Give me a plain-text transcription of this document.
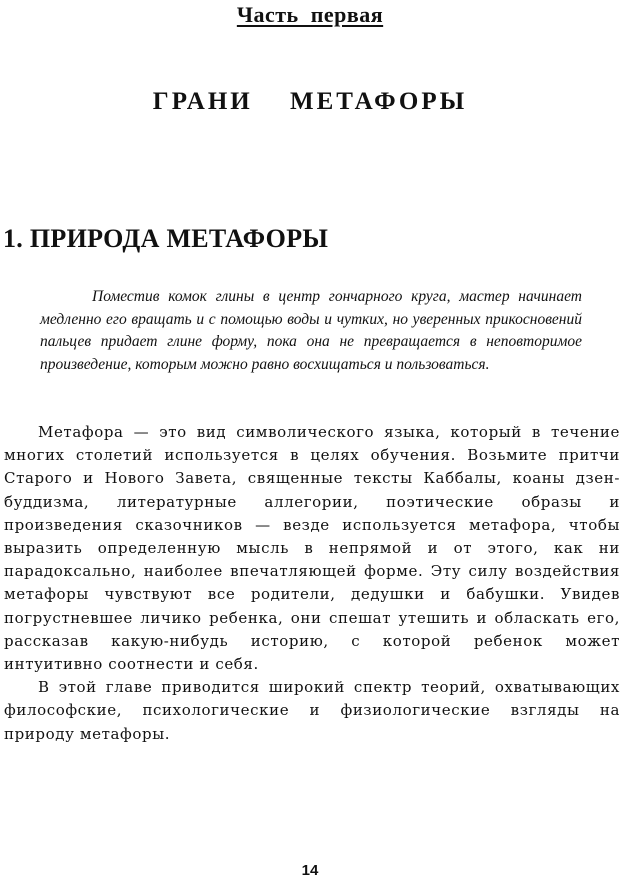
Часть первая
ГРАНИ МЕТАФОРЫ
1. ПРИРОДА МЕТАФОРЫ
Поместив комок глины в центр гончарного круга, мастер начинает медленно его вращать и с помощью воды и чутких, но уверенных прикосновений пальцев придает глине форму, пока она не превращается в неповторимое произведение, которым можно равно восхищаться и пользоваться.

Метафора — это вид символического языка, который в течение многих столетий используется в целях обучения. Возьмите притчи Старого и Нового Завета, священные тексты Каббалы, коаны дзен-буддизма, литературные аллегории, поэтические образы и произведения сказочников — везде используется метафора, чтобы выразить определенную мысль в непрямой и от этого, как ни парадоксально, наиболее впечатляющей форме. Эту силу воздействия метафоры чувствуют все родители, дедушки и бабушки. Увидев погрустневшее личико ребенка, они спешат утешить и обласкать его, рассказав какую-нибудь историю, с которой ребенок может интуитивно соотнести и себя.

В этой главе приводится широкий спектр теорий, охватывающих философские, психологические и физиологические взгляды на природу метафоры.

14
